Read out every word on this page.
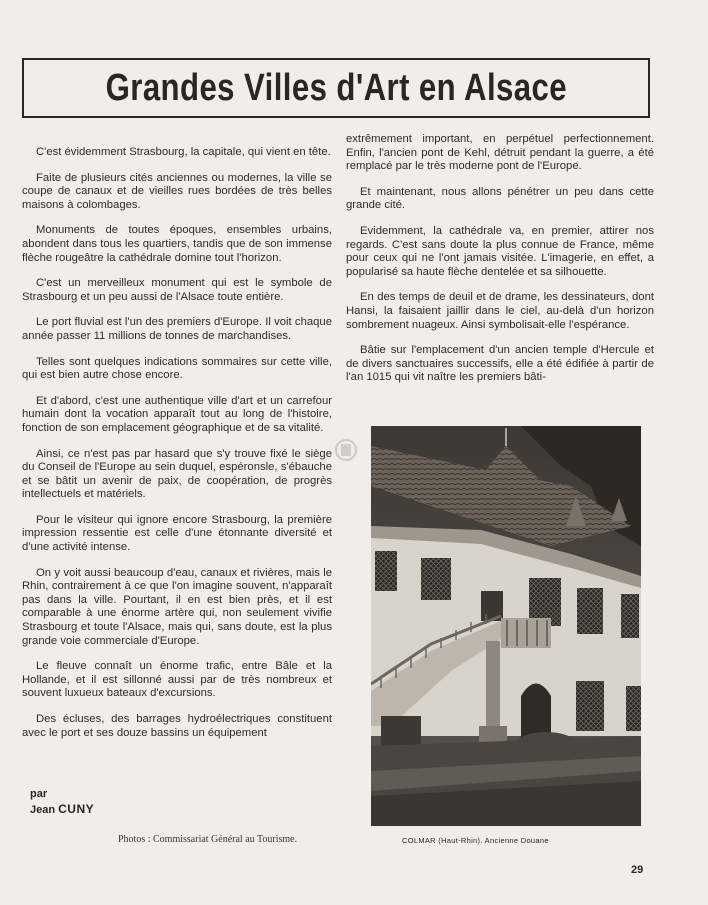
Grandes Villes d'Art en Alsace

C'est évidemment Strasbourg, la capitale, qui vient en tête.

Faite de plusieurs cités anciennes ou modernes, la ville se coupe de canaux et de vieilles rues bordées de très belles maisons à colombages.

Monuments de toutes époques, ensembles urbains, abondent dans tous les quartiers, tandis que de son immense flèche rougeâtre la cathédrale domine tout l'horizon.

C'est un merveilleux monument qui est le symbole de Strasbourg et un peu aussi de l'Alsace toute entière.

Le port fluvial est l'un des premiers d'Europe. Il voit chaque année passer 11 millions de tonnes de marchandises.

Telles sont quelques indications sommaires sur cette ville, qui est bien autre chose encore.

Et d'abord, c'est une authentique ville d'art et un carrefour humain dont la vocation apparaît tout au long de l'histoire, fonction de son emplacement géographique et de sa vitalité.

Ainsi, ce n'est pas par hasard que s'y trouve fixé le siège du Conseil de l'Europe au sein duquel, espéronsle, s'ébauche et se bâtit un avenir de paix, de coopération, de progrès intellectuels et matériels.

Pour le visiteur qui ignore encore Strasbourg, la première impression ressentie est celle d'une étonnante diversité et d'une activité intense.

On y voit aussi beaucoup d'eau, canaux et rivières, mais le Rhin, contrairement à ce que l'on imagine souvent, n'apparaît pas dans la ville. Pourtant, il en est bien près, et il est comparable à une énorme artère qui, non seulement vivifie Strasbourg et toute l'Alsace, mais qui, sans doute, est la plus grande voie commerciale d'Europe.

Le fleuve connaît un énorme trafic, entre Bâle et la Hollande, et il est sillonné aussi par de très nombreux et souvent luxueux bateaux d'excursions.

Des écluses, des barrages hydroélectriques constituent avec le port et ses douze bassins un équipement

extrêmement important, en perpétuel perfectionnement. Enfin, l'ancien pont de Kehl, détruit pendant la guerre, a été remplacé par le très moderne pont de l'Europe.

Et maintenant, nous allons pénétrer un peu dans cette grande cité.

Evidemment, la cathédrale va, en premier, attirer nos regards. C'est sans doute la plus connue de France, même pour ceux qui ne l'ont jamais visitée. L'imagerie, en effet, a popularisé sa haute flèche dentelée et sa silhouette.

En des temps de deuil et de drame, les dessinateurs, dont Hansi, la faisaient jaillir dans le ciel, au-delà d'un horizon sombrement nuageux. Ainsi symbolisait-elle l'espérance.

Bâtie sur l'emplacement d'un ancien temple d'Hercule et de divers sanctuaires successifs, elle a été édifiée à partir de l'an 1015 qui vit naître les premiers bâti-

par
Jean CUNY
Photos : Commissariat Général au Tourisme.	COLMAR (Haut-Rhin). Ancienne Douane
29
